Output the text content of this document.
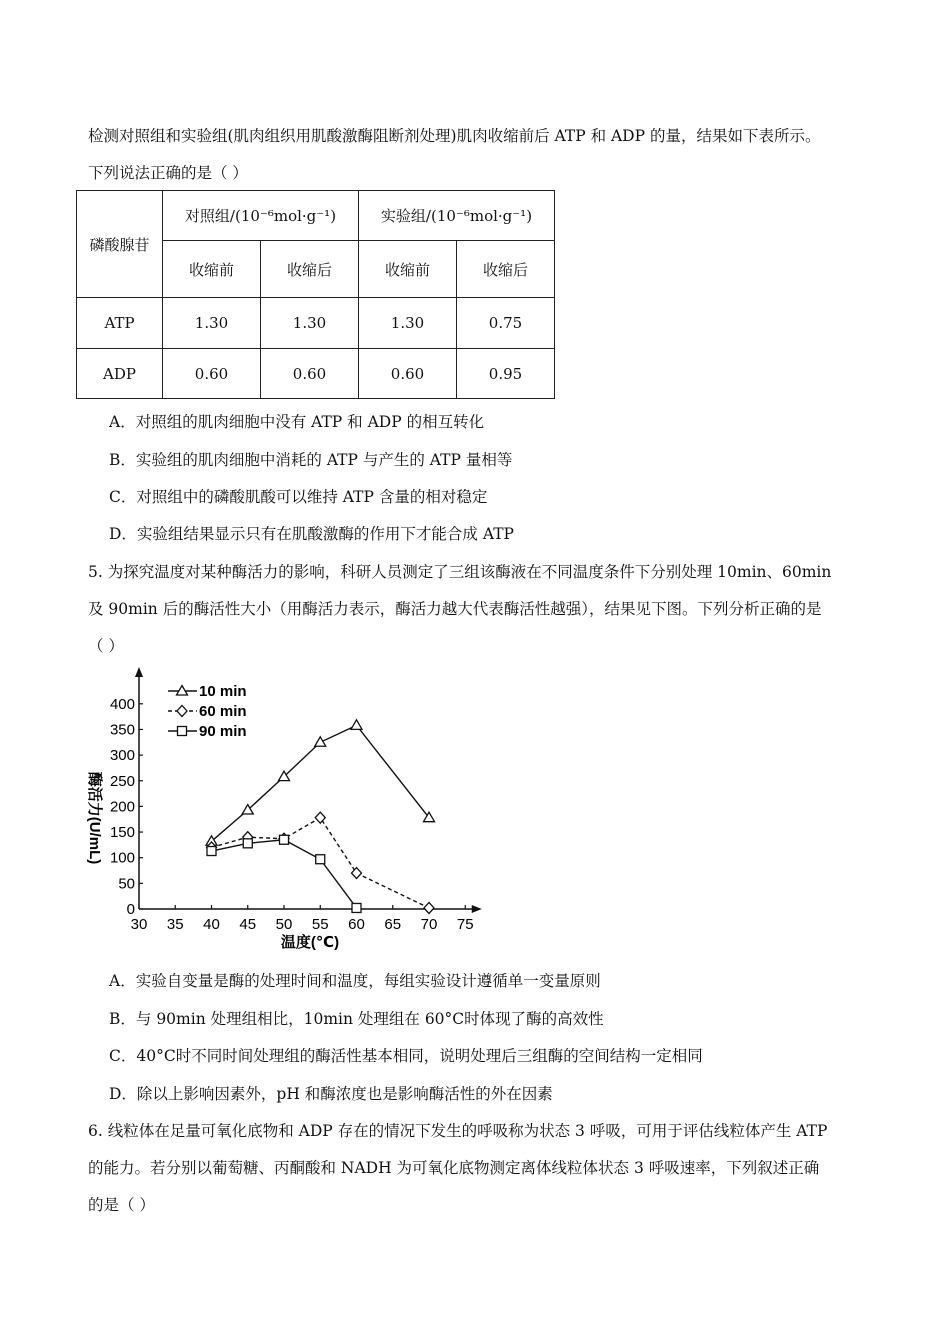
检测对照组和实验组(肌肉组织用肌酸激酶阻断剂处理)肌肉收缩前后 ATP 和 ADP 的量，结果如下表所示。
下列说法正确的是（ ）
磷酸腺苷	对照组/(10⁻⁶mol·g⁻¹)		实验组/(10⁻⁶mol·g⁻¹)	
	收缩前	收缩后	收缩前	收缩后
ATP	1.30	1.30	1.30	0.75
ADP	0.60	0.60	0.60	0.95
A．对照组的肌肉细胞中没有 ATP 和 ADP 的相互转化
B．实验组的肌肉细胞中消耗的 ATP 与产生的 ATP 量相等
C．对照组中的磷酸肌酸可以维持 ATP 含量的相对稳定
D．实验组结果显示只有在肌酸激酶的作用下才能合成 ATP
5. 为探究温度对某种酶活力的影响，科研人员测定了三组该酶液在不同温度条件下分别处理 10min、60min
及 90min 后的酶活性大小（用酶活力表示，酶活力越大代表酶活性越强），结果见下图。下列分析正确的是
（ ）
30 35 40 45 50 55 60 65 70 75
0
50
100
150
200
250
300
350
400
10 min
60 min
90 min
温度(℃)
酶活力(U/mL)
A．实验自变量是酶的处理时间和温度，每组实验设计遵循单一变量原则
B．与 90min 处理组相比，10min 处理组在 60°C时体现了酶的高效性
C．40°C时不同时间处理组的酶活性基本相同，说明处理后三组酶的空间结构一定相同
D．除以上影响因素外，pH 和酶浓度也是影响酶活性的外在因素
6. 线粒体在足量可氧化底物和 ADP 存在的情况下发生的呼吸称为状态 3 呼吸，可用于评估线粒体产生 ATP
的能力。若分别以葡萄糖、丙酮酸和 NADH 为可氧化底物测定离体线粒体状态 3 呼吸速率，下列叙述正确
的是（ ）
